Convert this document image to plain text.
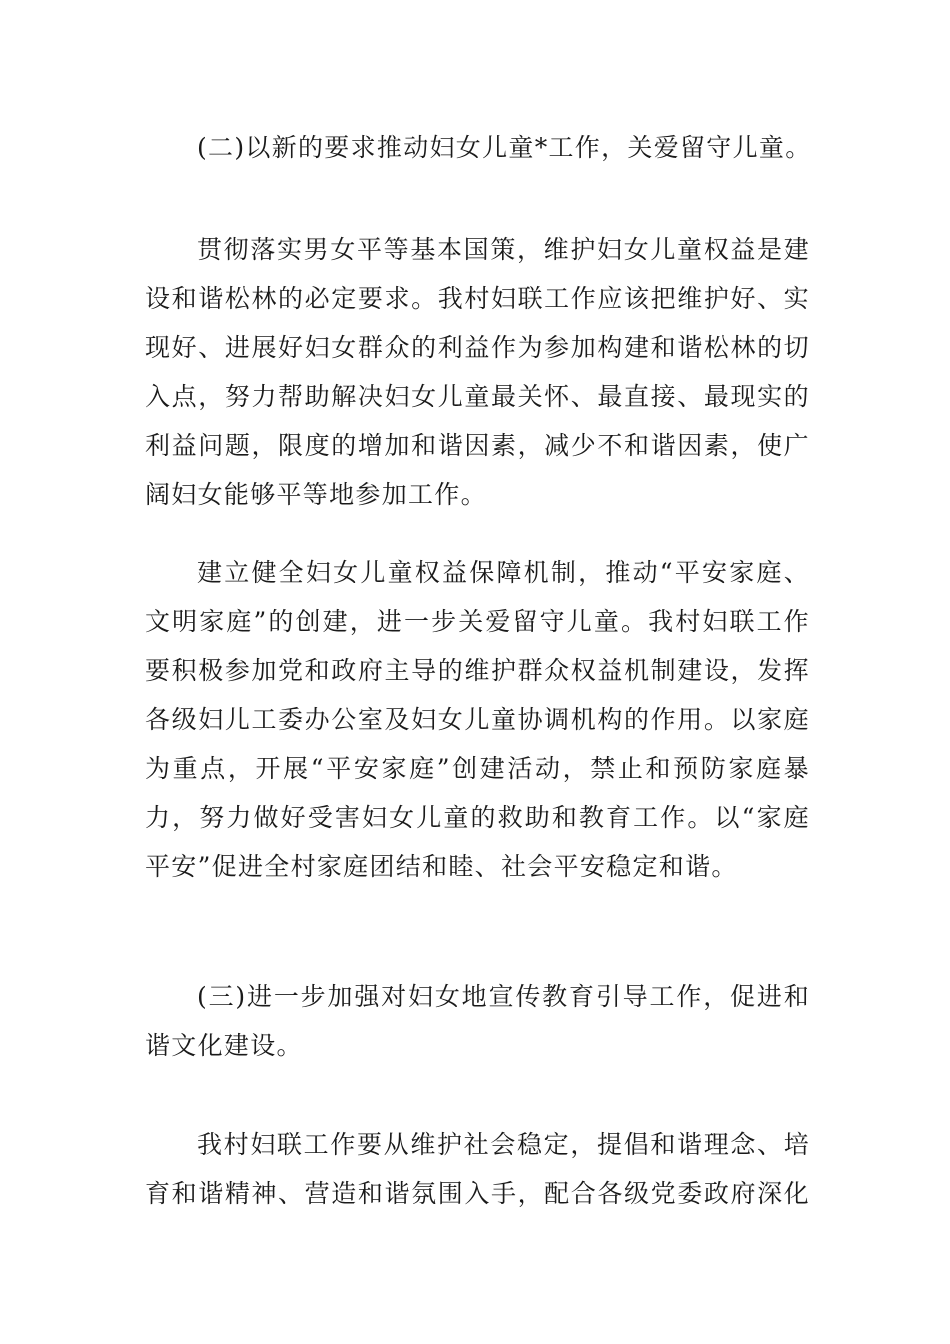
(二)以新的要求推动妇女儿童*工作，关爱留守儿童。
贯彻落实男女平等基本国策，维护妇女儿童权益是建
设和谐松林的必定要求。我村妇联工作应该把维护好、实
现好、进展好妇女群众的利益作为参加构建和谐松林的切
入点，努力帮助解决妇女儿童最关怀、最直接、最现实的
利益问题，限度的增加和谐因素，减少不和谐因素，使广
阔妇女能够平等地参加工作。
建立健全妇女儿童权益保障机制，推动“平安家庭、
文明家庭”的创建，进一步关爱留守儿童。我村妇联工作
要积极参加党和政府主导的维护群众权益机制建设，发挥
各级妇儿工委办公室及妇女儿童协调机构的作用。以家庭
为重点，开展“平安家庭”创建活动，禁止和预防家庭暴
力，努力做好受害妇女儿童的救助和教育工作。以“家庭
平安”促进全村家庭团结和睦、社会平安稳定和谐。
(三)进一步加强对妇女地宣传教育引导工作，促进和
谐文化建设。
我村妇联工作要从维护社会稳定，提倡和谐理念、培
育和谐精神、营造和谐氛围入手，配合各级党委政府深化
